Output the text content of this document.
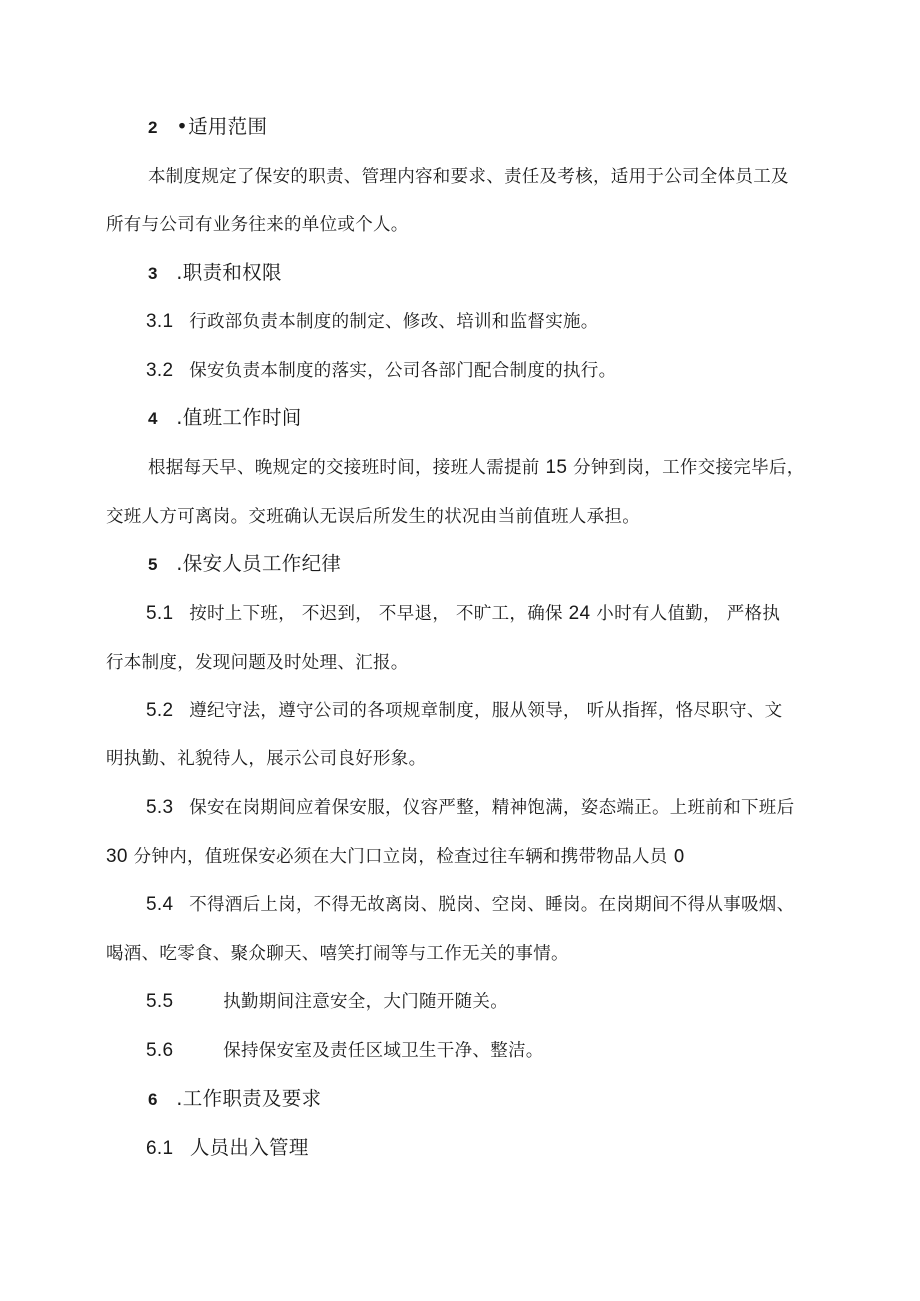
2 •适用范围
本制度规定了保安的职责、管理内容和要求、责任及考核，适用于公司全体员工及
所有与公司有业务往来的单位或个人。
3 .职责和权限
3.1 行政部负责本制度的制定、修改、培训和监督实施。
3.2 保安负责本制度的落实，公司各部门配合制度的执行。
4 .值班工作时间
根据每天早、晚规定的交接班时间，接班人需提前 15 分钟到岗，工作交接完毕后，
交班人方可离岗。交班确认无误后所发生的状况由当前值班人承担。
5 .保安人员工作纪律
5.1 按时上下班， 不迟到， 不早退， 不旷工，确保 24 小时有人值勤， 严格执
行本制度，发现问题及时处理、汇报。
5.2 遵纪守法，遵守公司的各项规章制度，服从领导， 听从指挥，恪尽职守、文
明执勤、礼貌待人，展示公司良好形象。
5.3 保安在岗期间应着保安服，仪容严整，精神饱满，姿态端正。上班前和下班后
30 分钟内，值班保安必须在大门口立岗，检查过往车辆和携带物品人员 0
5.4 不得酒后上岗，不得无故离岗、脱岗、空岗、睡岗。在岗期间不得从事吸烟、
喝酒、吃零食、聚众聊天、嘻笑打闹等与工作无关的事情。
5.5	执勤期间注意安全，大门随开随关。
5.6	保持保安室及责任区域卫生干净、整洁。
6 .工作职责及要求
6.1 人员出入管理
